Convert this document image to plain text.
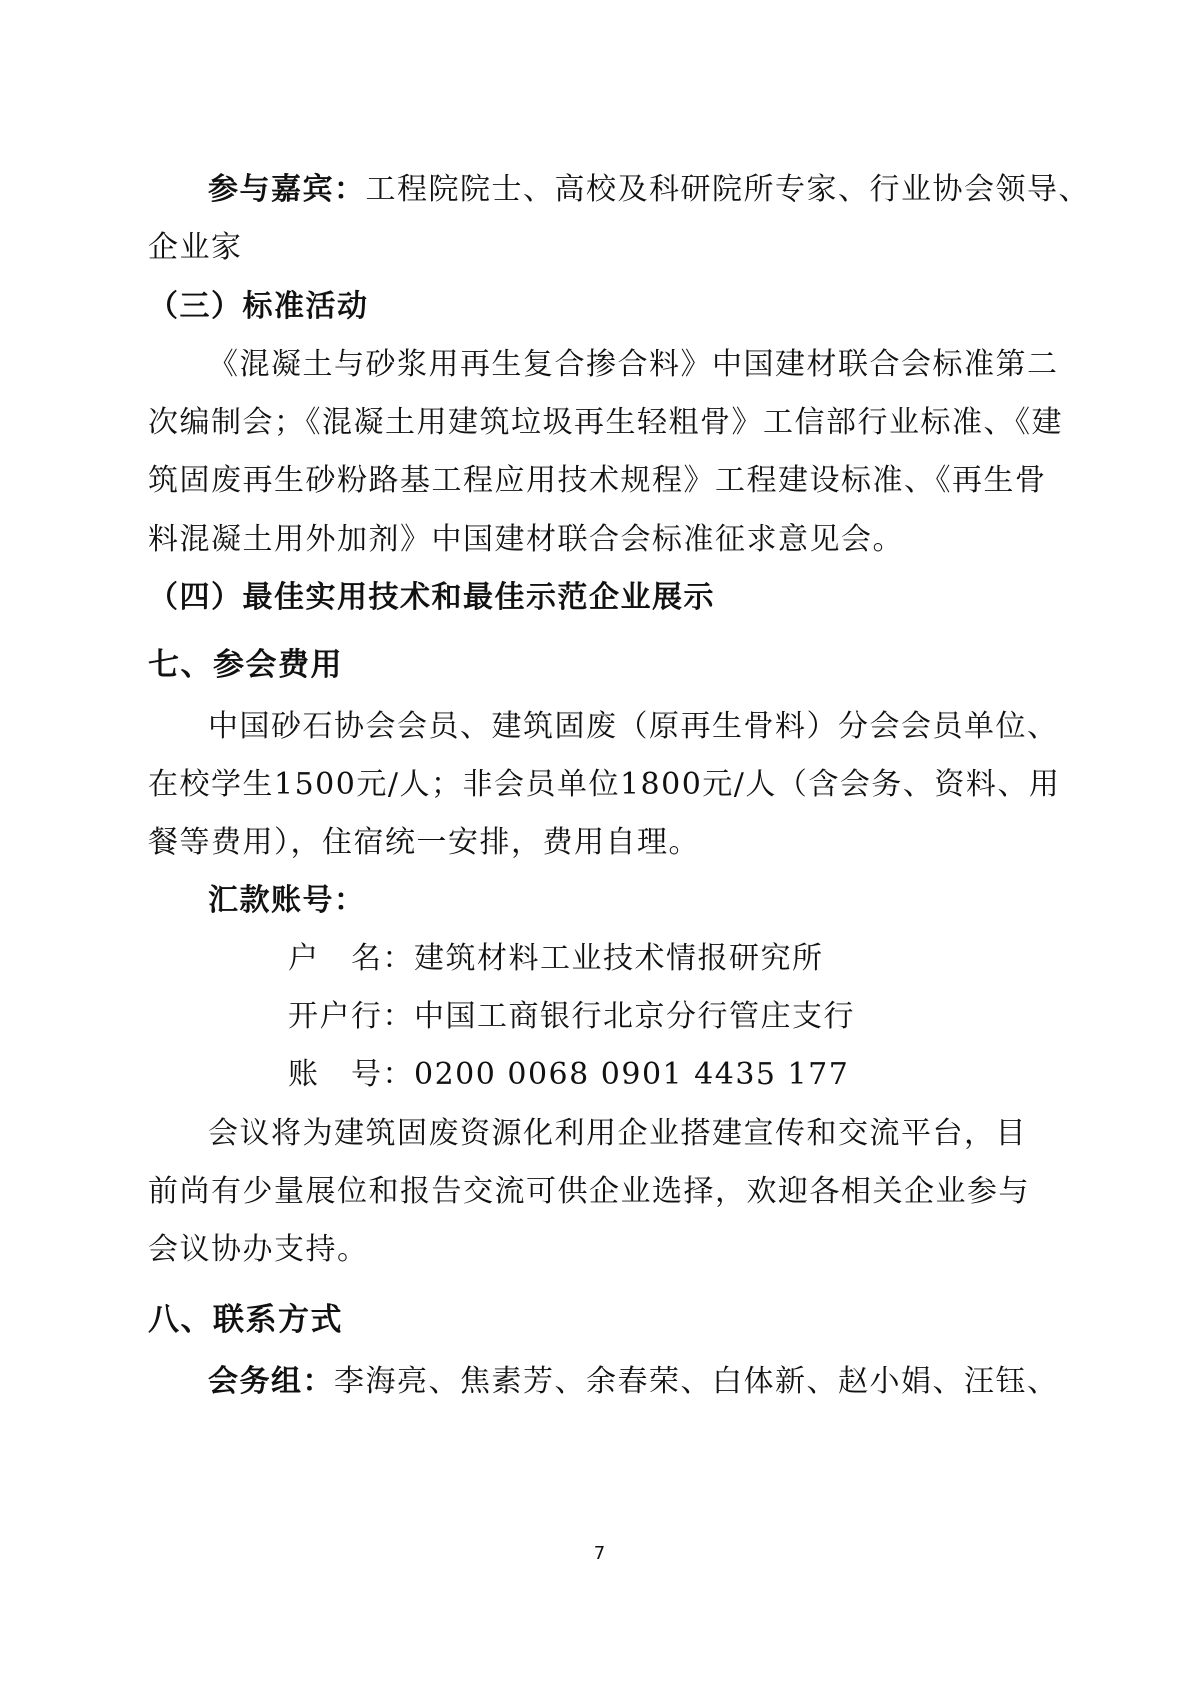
参与嘉宾：工程院院士、高校及科研院所专家、行业协会领导、
企业家
（三）标准活动
《混凝土与砂浆用再生复合掺合料》中国建材联合会标准第二
次编制会；《混凝土用建筑垃圾再生轻粗骨》工信部行业标准、《建
筑固废再生砂粉路基工程应用技术规程》工程建设标准、《再生骨
料混凝土用外加剂》中国建材联合会标准征求意见会。
（四）最佳实用技术和最佳示范企业展示
七、参会费用
中国砂石协会会员、建筑固废（原再生骨料）分会会员单位、
在校学生1500元/人；非会员单位1800元/人（含会务、资料、用
餐等费用），住宿统一安排，费用自理。
汇款账号：
户　名：建筑材料工业技术情报研究所
开户行：中国工商银行北京分行管庄支行
账　号：0200 0068 0901 4435 177
会议将为建筑固废资源化利用企业搭建宣传和交流平台，目
前尚有少量展位和报告交流可供企业选择，欢迎各相关企业参与
会议协办支持。
八、联系方式
会务组：李海亮、焦素芳、余春荣、白体新、赵小娟、汪钰、
7
